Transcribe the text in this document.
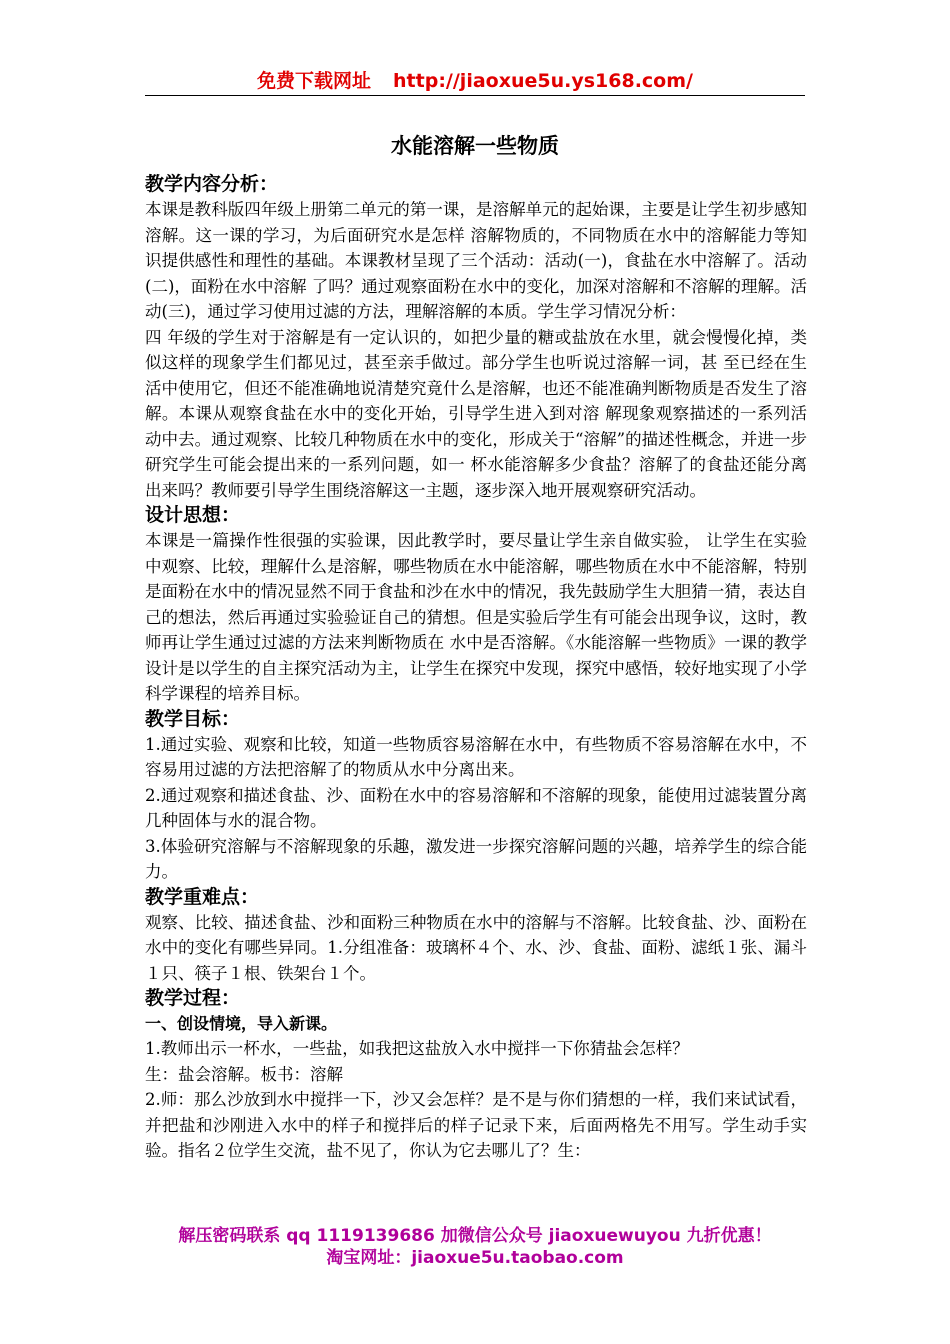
免费下载网址 http://jiaoxue5u.ys168.com/
水能溶解一些物质
教学内容分析：

本课是教科版四年级上册第二单元的第一课，是溶解单元的起始课，主要是让学生初步感知溶解。这一课的学习，为后面研究水是怎样 溶解物质的，不同物质在水中的溶解能力等知识提供感性和理性的基础。本课教材呈现了三个活动：活动(一)，食盐在水中溶解了。活动(二)，面粉在水中溶解 了吗？通过观察面粉在水中的变化，加深对溶解和不溶解的理解。活动(三)，通过学习使用过滤的方法，理解溶解的本质。学生学习情况分析：

四 年级的学生对于溶解是有一定认识的，如把少量的糖或盐放在水里，就会慢慢化掉，类似这样的现象学生们都见过，甚至亲手做过。部分学生也听说过溶解一词，甚 至已经在生活中使用它，但还不能准确地说清楚究竟什么是溶解，也还不能准确判断物质是否发生了溶解。本课从观察食盐在水中的变化开始，引导学生进入到对溶 解现象观察描述的一系列活动中去。通过观察、比较几种物质在水中的变化，形成关于“溶解”的描述性概念，并进一步研究学生可能会提出来的一系列问题，如一 杯水能溶解多少食盐？溶解了的食盐还能分离出来吗？教师要引导学生围绕溶解这一主题，逐步深入地开展观察研究活动。

设计思想：

本课是一篇操作性很强的实验课，因此教学时，要尽量让学生亲自做实验， 让学生在实验中观察、比较，理解什么是溶解，哪些物质在水中能溶解，哪些物质在水中不能溶解，特别是面粉在水中的情况显然不同于食盐和沙在水中的情况，我先鼓励学生大胆猜一猜，表达自己的想法，然后再通过实验验证自己的猜想。但是实验后学生有可能会出现争议，这时，教师再让学生通过过滤的方法来判断物质在 水中是否溶解。《水能溶解一些物质》一课的教学设计是以学生的自主探究活动为主，让学生在探究中发现，探究中感悟，较好地实现了小学科学课程的培养目标。

教学目标：

1.通过实验、观察和比较，知道一些物质容易溶解在水中，有些物质不容易溶解在水中，不容易用过滤的方法把溶解了的物质从水中分离出来。

2.通过观察和描述食盐、沙、面粉在水中的容易溶解和不溶解的现象，能使用过滤装置分离几种固体与水的混合物。

3.体验研究溶解与不溶解现象的乐趣，激发进一步探究溶解问题的兴趣，培养学生的综合能力。

教学重难点：

观察、比较、描述食盐、沙和面粉三种物质在水中的溶解与不溶解。比较食盐、沙、面粉在水中的变化有哪些异同。1.分组准备：玻璃杯４个、水、沙、食盐、面粉、滤纸１张、漏斗１只、筷子１根、铁架台１个。

教学过程：
一、创设情境，导入新课。

1.教师出示一杯水，一些盐，如我把这盐放入水中搅拌一下你猜盐会怎样？

生：盐会溶解。板书：溶解

2.师：那么沙放到水中搅拌一下，沙又会怎样？是不是与你们猜想的一样，我们来试试看，并把盐和沙刚进入水中的样子和搅拌后的样子记录下来，后面两格先不用写。学生动手实验。指名２位学生交流，盐不见了，你认为它去哪儿了？生：

解压密码联系 qq 1119139686 加微信公众号 jiaoxuewuyou 九折优惠！
淘宝网址：jiaoxue5u.taobao.com
